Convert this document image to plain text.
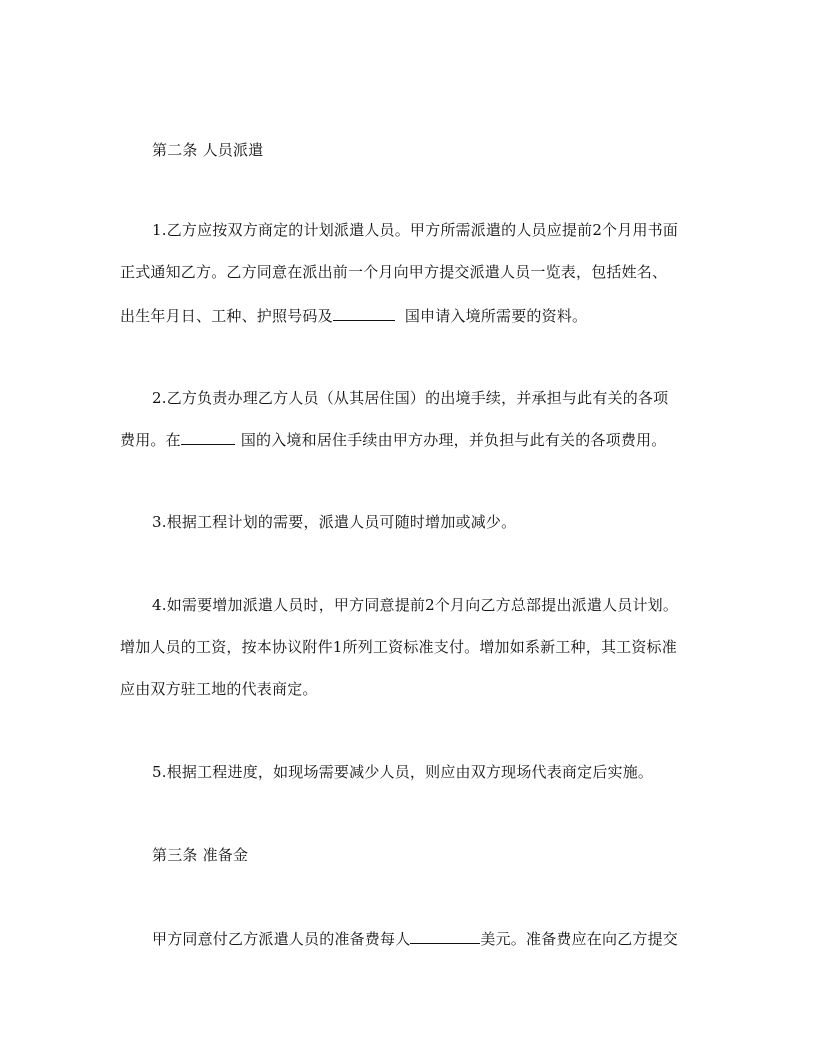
第二条 人员派遣
1.乙方应按双方商定的计划派遣人员。甲方所需派遣的人员应提前2个月用书面
正式通知乙方。乙方同意在派出前一个月向甲方提交派遣人员一览表，包括姓名、
出生年月日、工种、护照号码及	国申请入境所需要的资料。
2.乙方负责办理乙方人员（从其居住国）的出境手续，并承担与此有关的各项
费用。在	国的入境和居住手续由甲方办理，并负担与此有关的各项费用。
3.根据工程计划的需要，派遣人员可随时增加或减少。
4.如需要增加派遣人员时，甲方同意提前2个月向乙方总部提出派遣人员计划。
增加人员的工资，按本协议附件1所列工资标准支付。增加如系新工种，其工资标准
应由双方驻工地的代表商定。
5.根据工程进度，如现场需要减少人员，则应由双方现场代表商定后实施。
第三条 准备金
甲方同意付乙方派遣人员的准备费每人	美元。准备费应在向乙方提交
